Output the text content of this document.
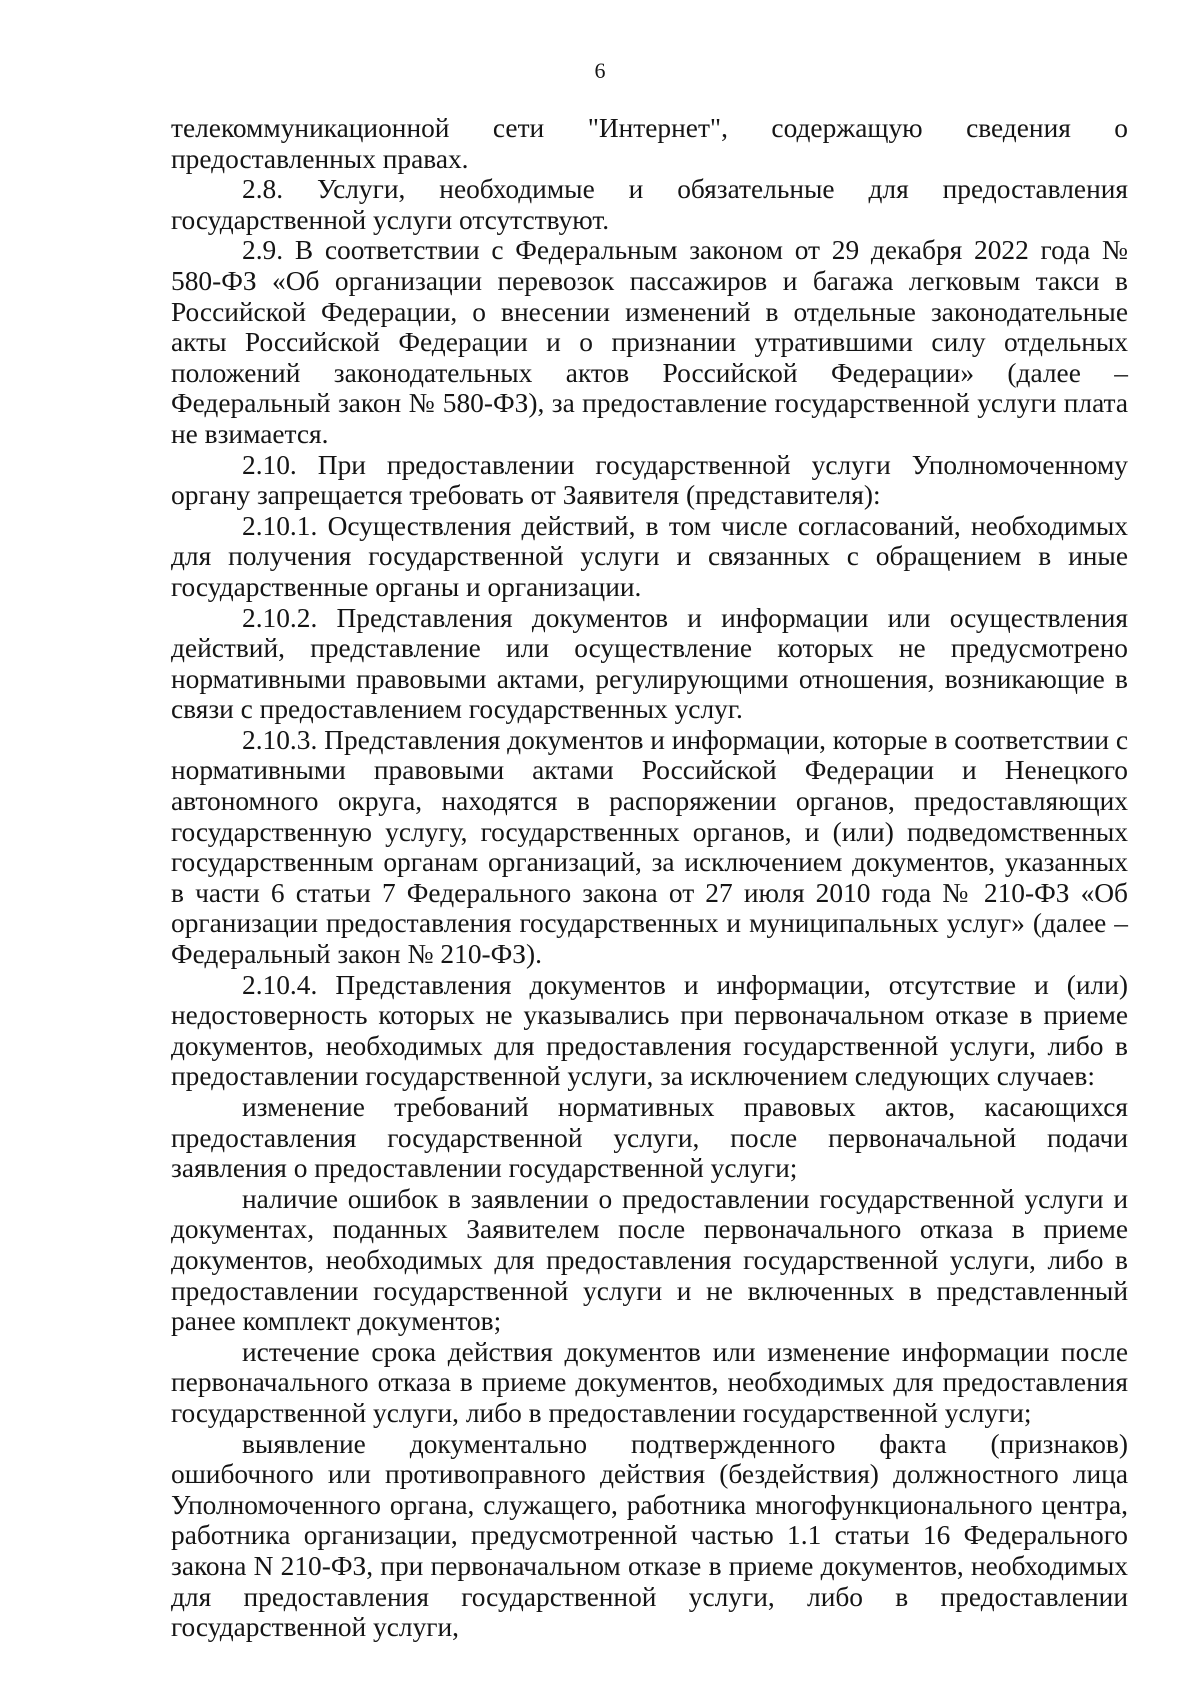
6

телекоммуникационной сети "Интернет", содержащую сведения о предоставленных правах.

2.8. Услуги, необходимые и обязательные для предоставления государственной услуги отсутствуют.

2.9. В соответствии с Федеральным законом от 29 декабря 2022 года № 580-ФЗ «Об организации перевозок пассажиров и багажа легковым такси в Российской Федерации, о внесении изменений в отдельные законодательные акты Российской Федерации и о признании утратившими силу отдельных положений законодательных актов Российской Федерации» (далее – Федеральный закон № 580-ФЗ), за предоставление государственной услуги плата не взимается.

2.10. При предоставлении государственной услуги Уполномоченному органу запрещается требовать от Заявителя (представителя):

2.10.1. Осуществления действий, в том числе согласований, необходимых для получения государственной услуги и связанных с обращением в иные государственные органы и организации.

2.10.2. Представления документов и информации или осуществления действий, представление или осуществление которых не предусмотрено нормативными правовыми актами, регулирующими отношения, возникающие в связи с предоставлением государственных услуг.

2.10.3. Представления документов и информации, которые в соответствии с нормативными правовыми актами Российской Федерации и Ненецкого автономного округа, находятся в распоряжении органов, предоставляющих государственную услугу, государственных органов, и (или) подведомственных государственным органам организаций, за исключением документов, указанных в части 6 статьи 7 Федерального закона от 27 июля 2010 года № 210-ФЗ «Об организации предоставления государственных и муниципальных услуг» (далее – Федеральный закон № 210-ФЗ).

2.10.4. Представления документов и информации, отсутствие и (или) недостоверность которых не указывались при первоначальном отказе в приеме документов, необходимых для предоставления государственной услуги, либо в предоставлении государственной услуги, за исключением следующих случаев:

изменение требований нормативных правовых актов, касающихся предоставления государственной услуги, после первоначальной подачи заявления о предоставлении государственной услуги;

наличие ошибок в заявлении о предоставлении государственной услуги и документах, поданных Заявителем после первоначального отказа в приеме документов, необходимых для предоставления государственной услуги, либо в предоставлении государственной услуги и не включенных в представленный ранее комплект документов;

истечение срока действия документов или изменение информации после первоначального отказа в приеме документов, необходимых для предоставления государственной услуги, либо в предоставлении государственной услуги;

выявление документально подтвержденного факта (признаков) ошибочного или противоправного действия (бездействия) должностного лица Уполномоченного органа, служащего, работника многофункционального центра, работника организации, предусмотренной частью 1.1 статьи 16 Федерального закона N 210-ФЗ, при первоначальном отказе в приеме документов, необходимых для предоставления государственной услуги, либо в предоставлении государственной услуги,
